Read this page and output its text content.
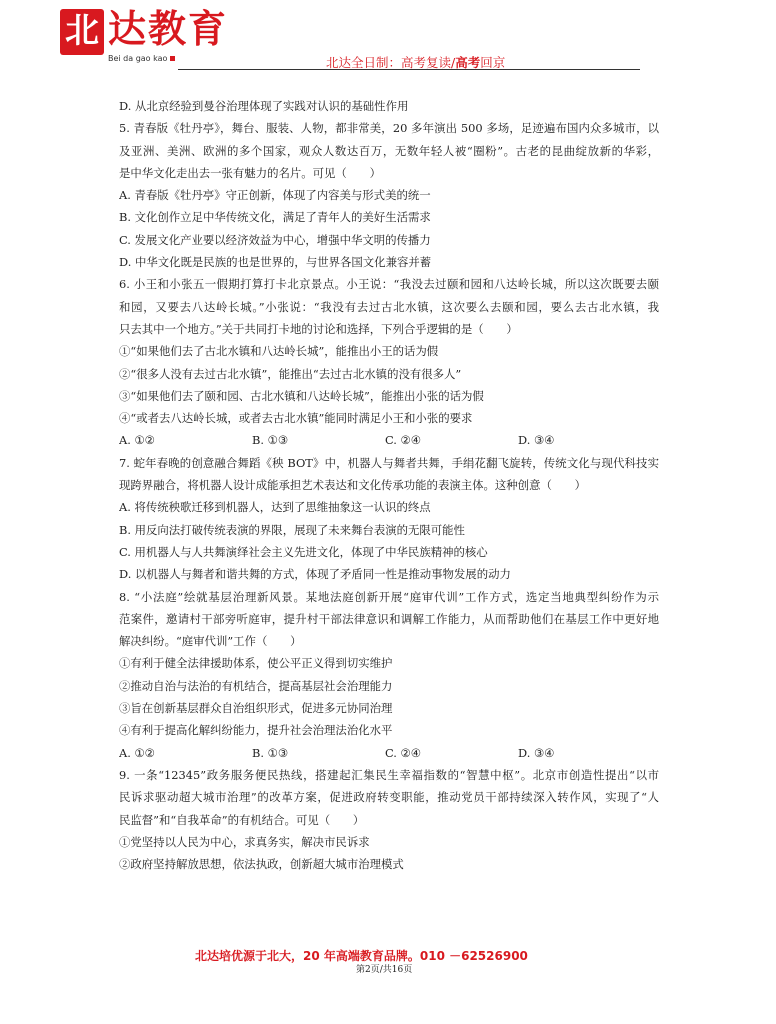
北 达教育
Bei da gao kao	北达全日制：高考复读/高考回京
D. 从北京经验到曼谷治理体现了实践对认识的基础性作用
5. 青春版《牡丹亭》，舞台、服装、人物，都非常美，20 多年演出 500 多场，足迹遍布国内众多城市，以
及亚洲、美洲、欧洲的多个国家，观众人数达百万，无数年轻人被“圈粉”。古老的昆曲绽放新的华彩，
是中华文化走出去一张有魅力的名片。可见（　　）
A. 青春版《牡丹亭》守正创新，体现了内容美与形式美的统一
B. 文化创作立足中华传统文化，满足了青年人的美好生活需求
C. 发展文化产业要以经济效益为中心，增强中华文明的传播力
D. 中华文化既是民族的也是世界的，与世界各国文化兼容并蓄
6. 小王和小张五一假期打算打卡北京景点。小王说：“我没去过颐和园和八达岭长城，所以这次既要去颐
和园，又要去八达岭长城。”小张说：“我没有去过古北水镇，这次要么去颐和园，要么去古北水镇，我
只去其中一个地方。”关于共同打卡地的讨论和选择，下列合乎逻辑的是（　　）
①“如果他们去了古北水镇和八达岭长城”，能推出小王的话为假
②“很多人没有去过古北水镇”，能推出“去过古北水镇的没有很多人”
③“如果他们去了颐和园、古北水镇和八达岭长城”，能推出小张的话为假
④“或者去八达岭长城，或者去古北水镇”能同时满足小王和小张的要求
A. ①②	B. ①③	C. ②④	D. ③④
7. 蛇年春晚的创意融合舞蹈《秧 BOT》中，机器人与舞者共舞，手绢花翻飞旋转，传统文化与现代科技实
现跨界融合，将机器人设计成能承担艺术表达和文化传承功能的表演主体。这种创意（　　）
A. 将传统秧歌迁移到机器人，达到了思维抽象这一认识的终点
B. 用反向法打破传统表演的界限，展现了未来舞台表演的无限可能性
C. 用机器人与人共舞演绎社会主义先进文化，体现了中华民族精神的核心
D. 以机器人与舞者和谐共舞的方式，体现了矛盾同一性是推动事物发展的动力
8. “小法庭”绘就基层治理新风景。某地法庭创新开展“庭审代训”工作方式，选定当地典型纠纷作为示
范案件，邀请村干部旁听庭审，提升村干部法律意识和调解工作能力，从而帮助他们在基层工作中更好地
解决纠纷。“庭审代训”工作（　　）
①有利于健全法律援助体系，使公平正义得到切实维护
②推动自治与法治的有机结合，提高基层社会治理能力
③旨在创新基层群众自治组织形式，促进多元协同治理
④有利于提高化解纠纷能力，提升社会治理法治化水平
A. ①②	B. ①③	C. ②④	D. ③④
9. 一条“12345”政务服务便民热线，搭建起汇集民生幸福指数的“智慧中枢”。北京市创造性提出“以市
民诉求驱动超大城市治理”的改革方案，促进政府转变职能，推动党员干部持续深入转作风，实现了“人
民监督”和“自我革命”的有机结合。可见（　　）
①党坚持以人民为中心，求真务实，解决市民诉求
②政府坚持解放思想，依法执政，创新超大城市治理模式
北达培优源于北大，20 年高端教育品牌。010 －62526900
第2页/共16页
